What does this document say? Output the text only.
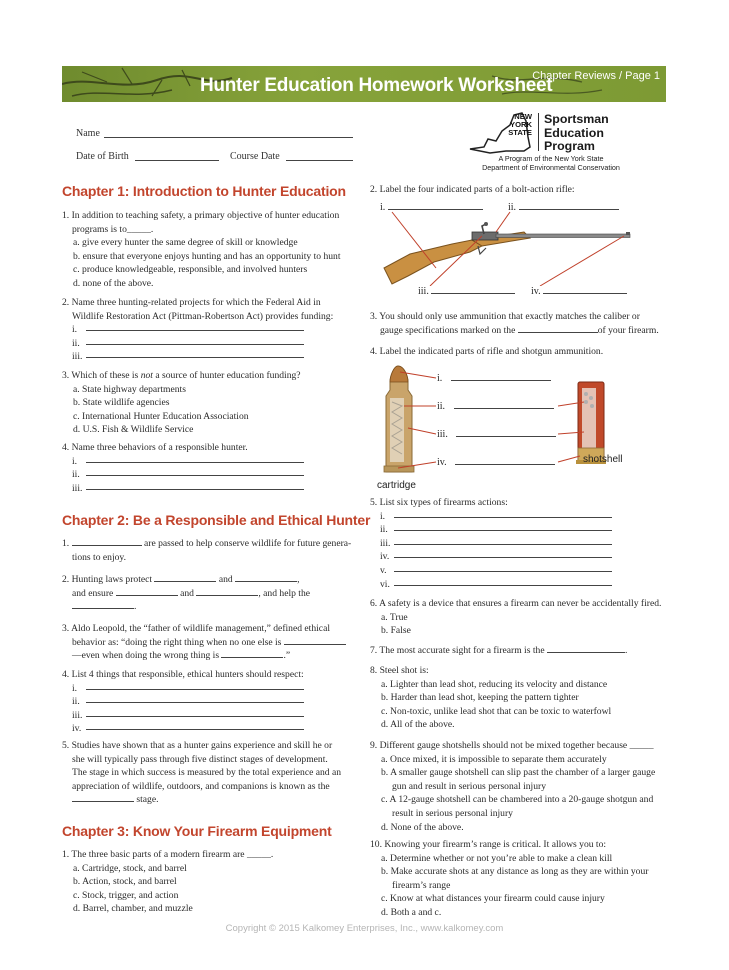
Hunter Education Homework Worksheet
Chapter Reviews / Page 1
Name
Date of Birth	Course Date
NEW
YORK
STATE
Sportsman
Education
Program
A Program of the New York State
Department of Environmental Conservation
Chapter 1: Introduction to Hunter Education

1. In addition to teaching safety, a primary objective of hunter education programs is to_____.

a. give every hunter the same degree of skill or knowledge

b. ensure that everyone enjoys hunting and has an opportunity to hunt

c. produce knowledgeable, responsible, and involved hunters

d. none of the above.

2. Name three hunting-related projects for which the Federal Aid in Wildlife Restoration Act (Pittman-Robertson Act) provides funding:

i.
ii.
iii.

3. Which of these is not a source of hunter education funding?

a. State highway departments

b. State wildlife agencies

c. International Hunter Education Association

d. U.S. Fish & Wildlife Service

4. Name three behaviors of a responsible hunter.

i.
ii.
iii.
Chapter 2: Be a Responsible and Ethical Hunter

1.	are passed to help conserve wildlife for future genera-

tions to enjoy.

2. Hunting laws protect	and	,

and ensure	and	, and help the

.

3. Aldo Leopold, the “father of wildlife management,” defined ethical

behavior as: “doing the right thing when no one else is

—even when doing the wrong thing is	.”

4. List 4 things that responsible, ethical hunters should respect:

i.
ii.
iii.
iv.

5. Studies have shown that as a hunter gains experience and skill he or

she will typically pass through five distinct stages of development.

The stage in which success is measured by the total experience and an

appreciation of wildlife, outdoors, and companions is known as the

stage.

Chapter 3: Know Your Firearm Equipment

1. The three basic parts of a modern firearm are _____.

a. Cartridge, stock, and barrel

b. Action, stock, and barrel

c. Stock, trigger, and action

d. Barrel, chamber, and muzzle

2. Label the four indicated parts of a bolt-action rifle:

i.	ii.
iii.	iv.

3. You should only use ammunition that exactly matches the caliber or

gauge specifications marked on the	of your firearm.

4. Label the indicated parts of rifle and shotgun ammunition.

i.
ii.
iii.
iv.
cartridge
shotshell

5. List six types of firearms actions:

i.
ii.
iii.
iv.
v.
vi.

6. A safety is a device that ensures a firearm can never be accidentally fired.

a. True

b. False

7. The most accurate sight for a firearm is the	.

8. Steel shot is:

a. Lighter than lead shot, reducing its velocity and distance

b. Harder than lead shot, keeping the pattern tighter

c. Non-toxic, unlike lead shot that can be toxic to waterfowl

d. All of the above.

9. Different gauge shotshells should not be mixed together because _____

a. Once mixed, it is impossible to separate them accurately

b. A smaller gauge shotshell can slip past the chamber of a larger gauge

gun and result in serious personal injury

c. A 12-gauge shotshell can be chambered into a 20-gauge shotgun and

result in serious personal injury

d. None of the above.

10. Knowing your firearm’s range is critical. It allows you to:

a. Determine whether or not you’re able to make a clean kill

b. Make accurate shots at any distance as long as they are within your

firearm’s range

c. Know at what distances your firearm could cause injury

d. Both a and c.

Copyright © 2015 Kalkomey Enterprises, Inc., www.kalkomey.com
